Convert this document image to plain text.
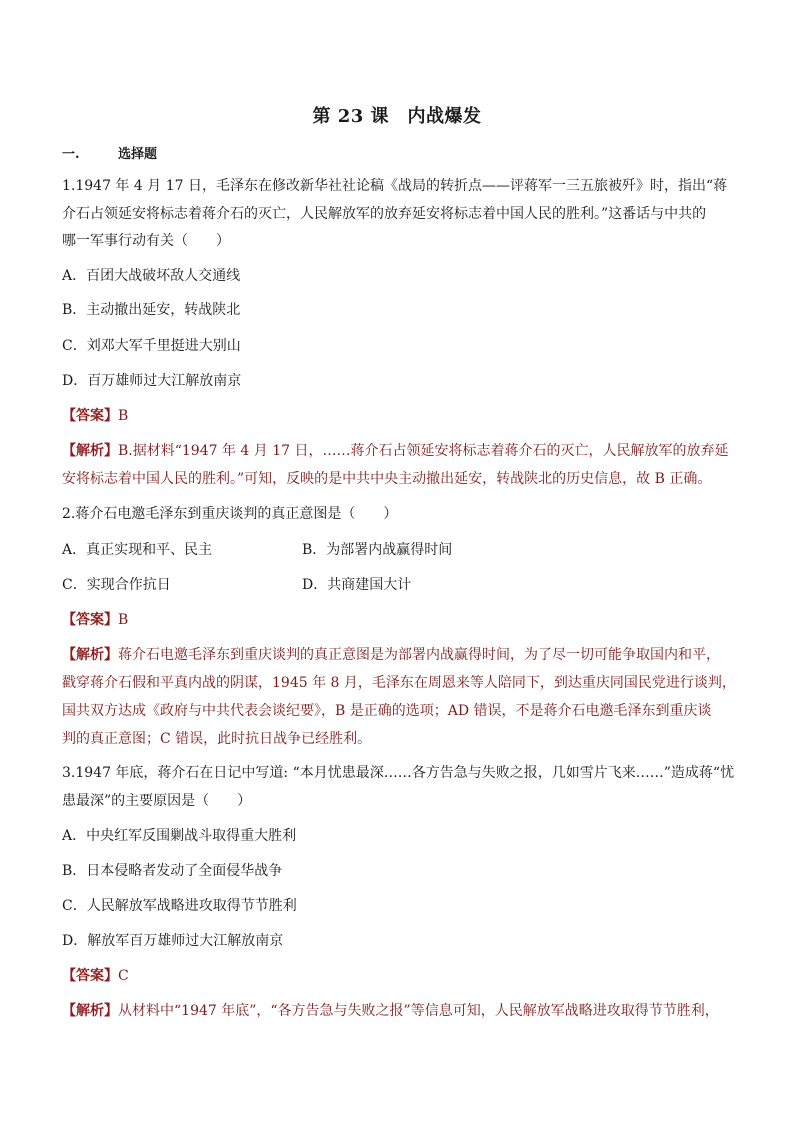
第 23 课　内战爆发
一.	选择题
1.1947 年 4 月 17 日，毛泽东在修改新华社社论稿《战局的转折点——评蒋军一三五旅被歼》时，指出“蒋
介石占领延安将标志着蒋介石的灭亡，人民解放军的放弃延安将标志着中国人民的胜利。”这番话与中共的
哪一军事行动有关（　　）
A．百团大战破坏敌人交通线
B．主动撤出延安，转战陕北
C．刘邓大军千里挺进大别山
D．百万雄师过大江解放南京
【答案】B
【解析】B.据材料“1947 年 4 月 17 日，……蒋介石占领延安将标志着蒋介石的灭亡，人民解放军的放弃延
安将标志着中国人民的胜利。”可知，反映的是中共中央主动撤出延安，转战陕北的历史信息，故 B 正确。
2.蒋介石电邀毛泽东到重庆谈判的真正意图是（　　）
A．真正实现和平、民主	B．为部署内战赢得时间
C．实现合作抗日	D．共商建国大计
【答案】B
【解析】蒋介石电邀毛泽东到重庆谈判的真正意图是为部署内战赢得时间，为了尽一切可能争取国内和平，
戳穿蒋介石假和平真内战的阴谋，1945 年 8 月，毛泽东在周恩来等人陪同下，到达重庆同国民党进行谈判，
国共双方达成《政府与中共代表会谈纪要》，B 是正确的选项；AD 错误，不是蒋介石电邀毛泽东到重庆谈
判的真正意图；C 错误，此时抗日战争已经胜利。
3.1947 年底，蒋介石在日记中写道: “本月忧患最深……各方告急与失败之报，几如雪片飞来……”造成蒋“忧
患最深”的主要原因是（　　）
A．中央红军反围剿战斗取得重大胜利
B．日本侵略者发动了全面侵华战争
C．人民解放军战略进攻取得节节胜利
D．解放军百万雄师过大江解放南京
【答案】C
【解析】从材料中“1947 年底”，“各方告急与失败之报”等信息可知，人民解放军战略进攻取得节节胜利，
